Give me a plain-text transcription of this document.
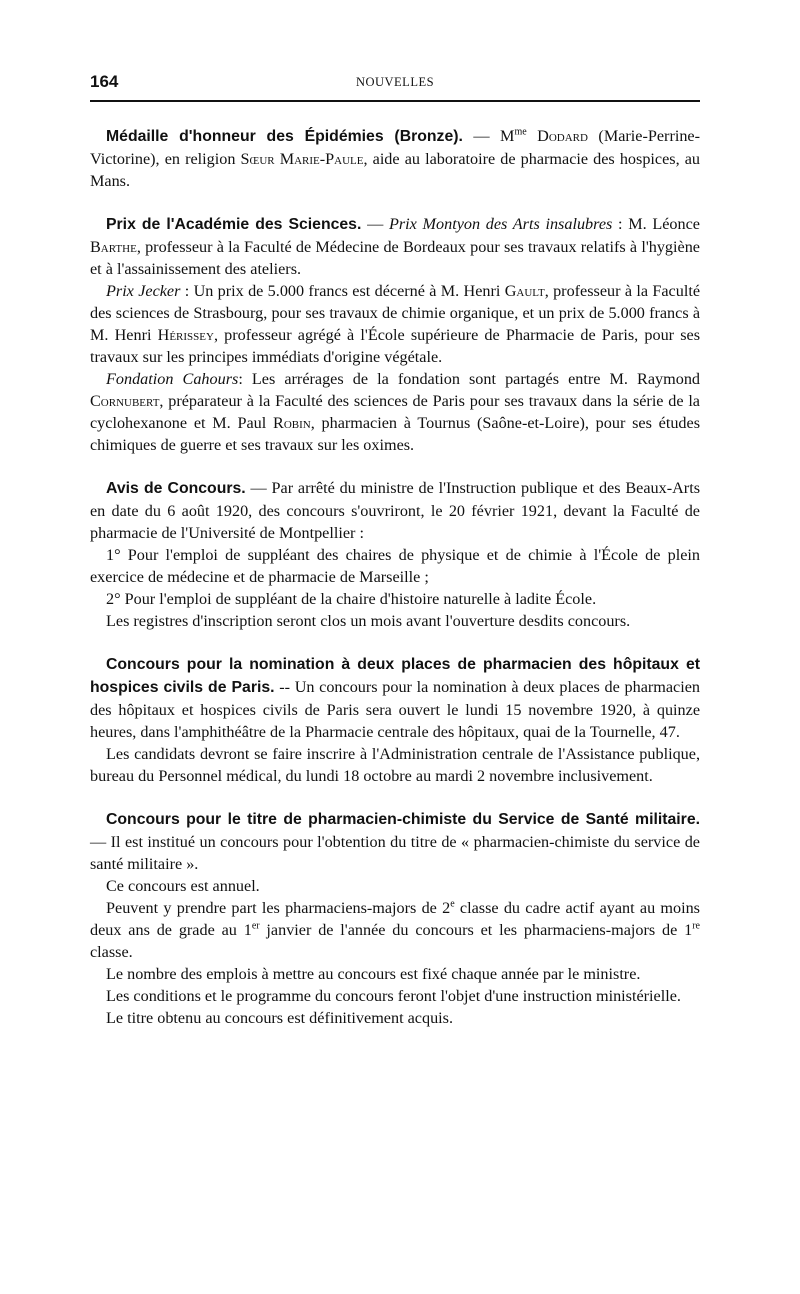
164	NOUVELLES

Médaille d'honneur des Épidémies (Bronze). — $M^{me}$ Dodard (Marie-Perrine-Victorine), en religion Sœur Marie-Paule, aide au laboratoire de pharmacie des hospices, au Mans.

Prix de l'Académie des Sciences. — Prix Montyon des Arts insalubres : M. Léonce Barthe, professeur à la Faculté de Médecine de Bordeaux pour ses travaux relatifs à l'hygiène et à l'assainissement des ateliers.

Prix Jecker : Un prix de 5.000 francs est décerné à M. Henri Gault, professeur à la Faculté des sciences de Strasbourg, pour ses travaux de chimie organique, et un prix de 5.000 francs à M. Henri Hérissey, professeur agrégé à l'École supérieure de Pharmacie de Paris, pour ses travaux sur les principes immédiats d'origine végétale.

Fondation Cahours: Les arrérages de la fondation sont partagés entre M. Raymond Cornubert, préparateur à la Faculté des sciences de Paris pour ses travaux dans la série de la cyclohexanone et M. Paul Robin, pharmacien à Tournus (Saône-et-Loire), pour ses études chimiques de guerre et ses travaux sur les oximes.

Avis de Concours. — Par arrêté du ministre de l'Instruction publique et des Beaux-Arts en date du 6 août 1920, des concours s'ouvriront, le 20 février 1921, devant la Faculté de pharmacie de l'Université de Montpellier :

1° Pour l'emploi de suppléant des chaires de physique et de chimie à l'École de plein exercice de médecine et de pharmacie de Marseille ;

2° Pour l'emploi de suppléant de la chaire d'histoire naturelle à ladite École.

Les registres d'inscription seront clos un mois avant l'ouverture desdits concours.

Concours pour la nomination à deux places de pharmacien des hôpitaux et hospices civils de Paris. -- Un concours pour la nomination à deux places de pharmacien des hôpitaux et hospices civils de Paris sera ouvert le lundi 15 novembre 1920, à quinze heures, dans l'amphithéâtre de la Pharmacie centrale des hôpitaux, quai de la Tournelle, 47.

Les candidats devront se faire inscrire à l'Administration centrale de l'Assistance publique, bureau du Personnel médical, du lundi 18 octobre au mardi 2 novembre inclusivement.

Concours pour le titre de pharmacien-chimiste du Service de Santé militaire. — Il est institué un concours pour l'obtention du titre de « pharmacien-chimiste du service de santé militaire ».

Ce concours est annuel.

Peuvent y prendre part les pharmaciens-majors de 2e classe du cadre actif ayant au moins deux ans de grade au 1er janvier de l'année du concours et les pharmaciens-majors de 1re classe.

Le nombre des emplois à mettre au concours est fixé chaque année par le ministre.

Les conditions et le programme du concours feront l'objet d'une instruction ministérielle.

Le titre obtenu au concours est définitivement acquis.
